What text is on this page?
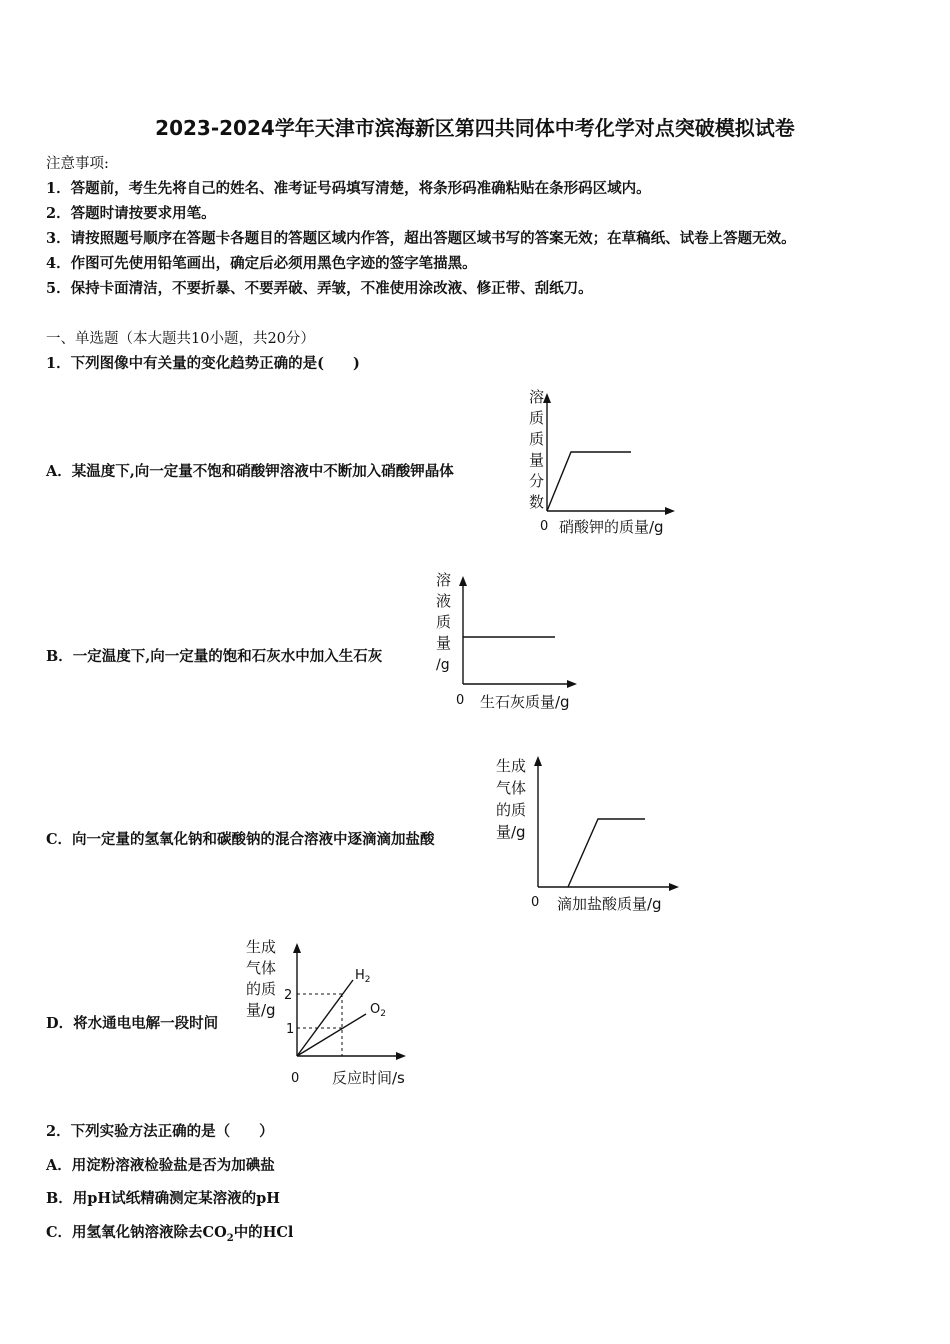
2023-2024学年天津市滨海新区第四共同体中考化学对点突破模拟试卷
注意事项:
1．答题前，考生先将自己的姓名、准考证号码填写清楚，将条形码准确粘贴在条形码区域内。
2．答题时请按要求用笔。
3．请按照题号顺序在答题卡各题目的答题区域内作答，超出答题区域书写的答案无效；在草稿纸、试卷上答题无效。
4．作图可先使用铅笔画出，确定后必须用黑色字迹的签字笔描黑。
5．保持卡面清洁，不要折暴、不要弄破、弄皱，不准使用涂改液、修正带、刮纸刀。
一、单选题（本大题共10小题，共20分）
1．下列图像中有关量的变化趋势正确的是(　　)
A．某温度下,向一定量不饱和硝酸钾溶液中不断加入硝酸钾晶体
溶
质
质
量
分
数
0 硝酸钾的质量/g
B．一定温度下,向一定量的饱和石灰水中加入生石灰
溶
液
质
量
/g
0 生石灰质量/g
C．向一定量的氢氧化钠和碳酸钠的混合溶液中逐滴滴加盐酸
生成
气体
的质
量/g
0 滴加盐酸质量/g
D．将水通电电解一段时间
生成
气体
的质
量/g
2
1
$H_2$
$O_2$
0 反应时间/s
2．下列实验方法正确的是（　　）
A．用淀粉溶液检验盐是否为加碘盐
B．用pH试纸精确测定某溶液的pH
C．用氢氧化钠溶液除去$CO_2$中的HCl
